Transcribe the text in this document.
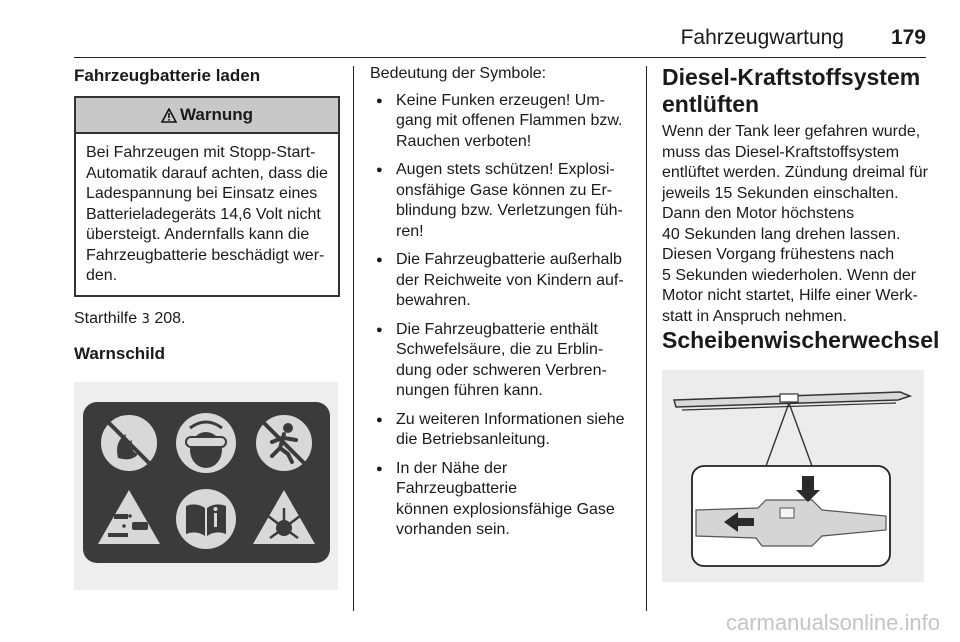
Fahrzeugwartung 179
Fahrzeugbatterie laden
Warnung
Bei Fahrzeugen mit Stopp-Start-
Automatik darauf achten, dass die
Ladespannung bei Einsatz eines
Batterieladegeräts 14,6 Volt nicht
übersteigt. Andernfalls kann die
Fahrzeugbatterie beschädigt wer-
den.
Starthilfe 3 208.
Warnschild
Bedeutung der Symbole:
● Keine Funken erzeugen! Um-
gang mit offenen Flammen bzw.
Rauchen verboten!
● Augen stets schützen! Explosi-
onsfähige Gase können zu Er-
blindung bzw. Verletzungen füh-
ren!
● Die Fahrzeugbatterie außerhalb
der Reichweite von Kindern auf-
bewahren.
● Die Fahrzeugbatterie enthält
Schwefelsäure, die zu Erblin-
dung oder schweren Verbren-
nungen führen kann.
● Zu weiteren Informationen siehe
die Betriebsanleitung.
● In der Nähe der Fahrzeugbatterie
können explosionsfähige Gase
vorhanden sein.
Diesel-Kraftstoffsystem
entlüften
Wenn der Tank leer gefahren wurde,
muss das Diesel-Kraftstoffsystem
entlüftet werden. Zündung dreimal für
jeweils 15 Sekunden einschalten.
Dann den Motor höchstens
40 Sekunden lang drehen lassen.
Diesen Vorgang frühestens nach
5 Sekunden wiederholen. Wenn der
Motor nicht startet, Hilfe einer Werk-
statt in Anspruch nehmen.
Scheibenwischerwechsel
carmanualsonline.info
